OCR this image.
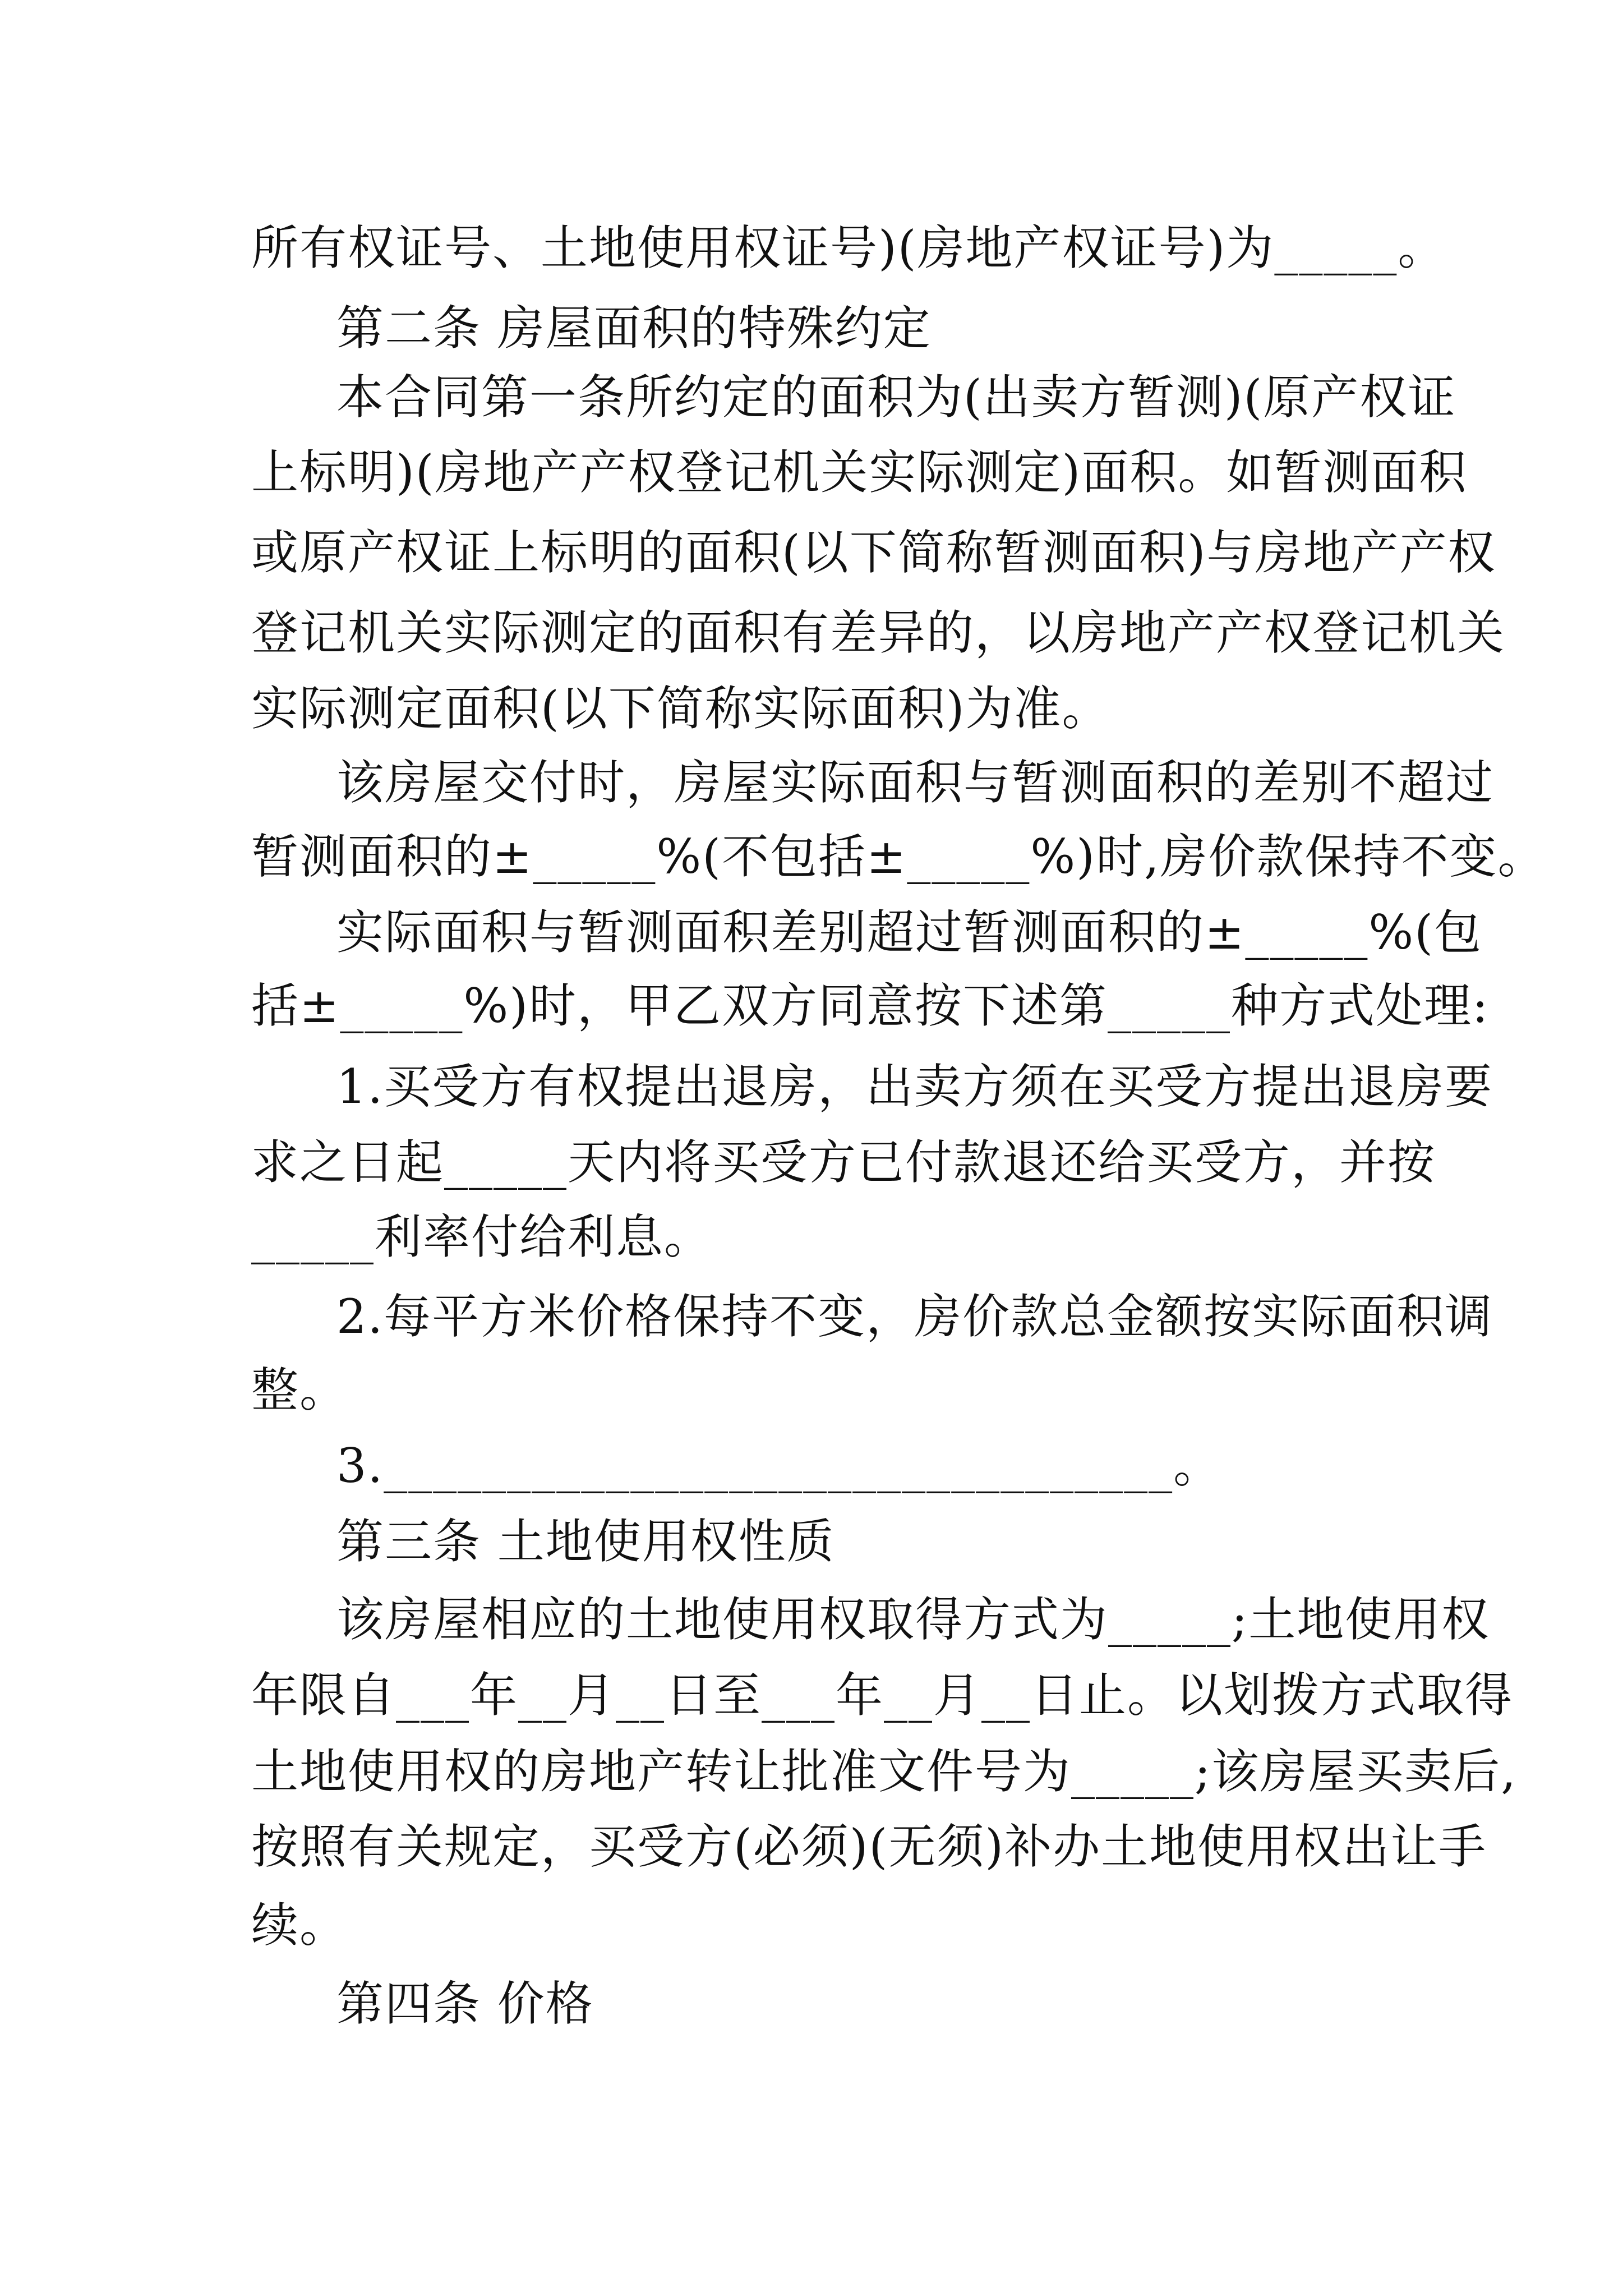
所有权证号、土地使用权证号)(房地产权证号)为_____。
第二条 房屋面积的特殊约定
本合同第一条所约定的面积为(出卖方暂测)(原产权证
上标明)(房地产产权登记机关实际测定)面积。如暂测面积
或原产权证上标明的面积(以下简称暂测面积)与房地产产权
登记机关实际测定的面积有差异的，以房地产产权登记机关
实际测定面积(以下简称实际面积)为准。
该房屋交付时，房屋实际面积与暂测面积的差别不超过
暂测面积的±_____%(不包括±_____%)时,房价款保持不变。
实际面积与暂测面积差别超过暂测面积的±_____%(包
括±_____%)时，甲乙双方同意按下述第_____种方式处理:
1.买受方有权提出退房，出卖方须在买受方提出退房要
求之日起_____天内将买受方已付款退还给买受方，并按
_____利率付给利息。
2.每平方米价格保持不变，房价款总金额按实际面积调
整。
3.________________________________。
第三条 土地使用权性质
该房屋相应的土地使用权取得方式为_____;土地使用权
年限自___年__月__日至___年__月__日止。以划拨方式取得
土地使用权的房地产转让批准文件号为_____;该房屋买卖后,
按照有关规定，买受方(必须)(无须)补办土地使用权出让手
续。
第四条 价格
